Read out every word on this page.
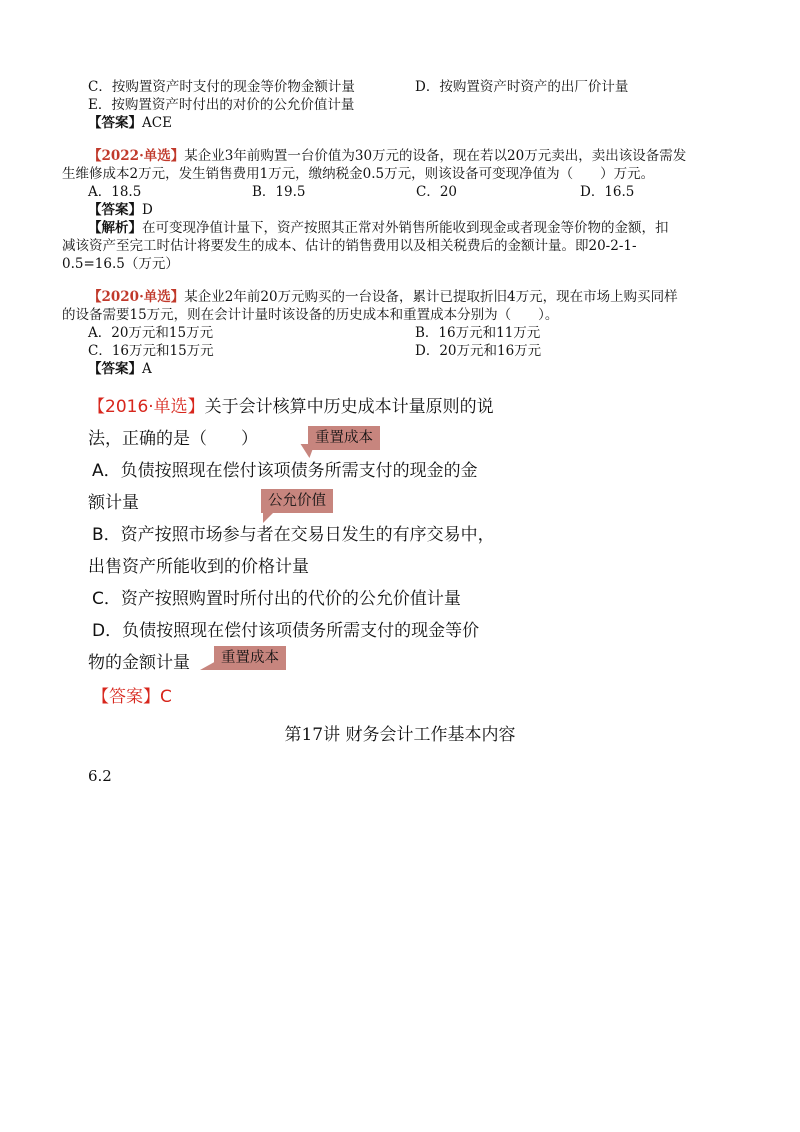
C．按购置资产时支付的现金等价物金额计量	D．按购置资产时资产的出厂价计量
E．按购置资产时付出的对价的公允价值计量
【答案】ACE
【2022·单选】某企业3年前购置一台价值为30万元的设备，现在若以20万元卖出，卖出该设备需发
生维修成本2万元，发生销售费用1万元，缴纳税金0.5万元，则该设备可变现净值为（　　）万元。
A．18.5	B．19.5	C．20	D．16.5
【答案】D
【解析】在可变现净值计量下，资产按照其正常对外销售所能收到现金或者现金等价物的金额，扣
减该资产至完工时估计将要发生的成本、估计的销售费用以及相关税费后的金额计量。即20-2-1-
0.5=16.5（万元）
【2020·单选】某企业2年前20万元购买的一台设备，累计已提取折旧4万元，现在市场上购买同样
的设备需要15万元，则在会计计量时该设备的历史成本和重置成本分别为（　　）。
A．20万元和15万元	B．16万元和11万元
C．16万元和15万元	D．20万元和16万元
【答案】A
【2016·单选】关于会计核算中历史成本计量原则的说
法，正确的是（　　）	重置成本
A．负债按照现在偿付该项债务所需支付的现金的金
额计量	公允价值
B．资产按照市场参与者在交易日发生的有序交易中，
出售资产所能收到的价格计量
C．资产按照购置时所付出的代价的公允价值计量
D．负债按照现在偿付该项债务所需支付的现金等价
物的金额计量	重置成本
【答案】C
第17讲 财务会计工作基本内容
6.2
